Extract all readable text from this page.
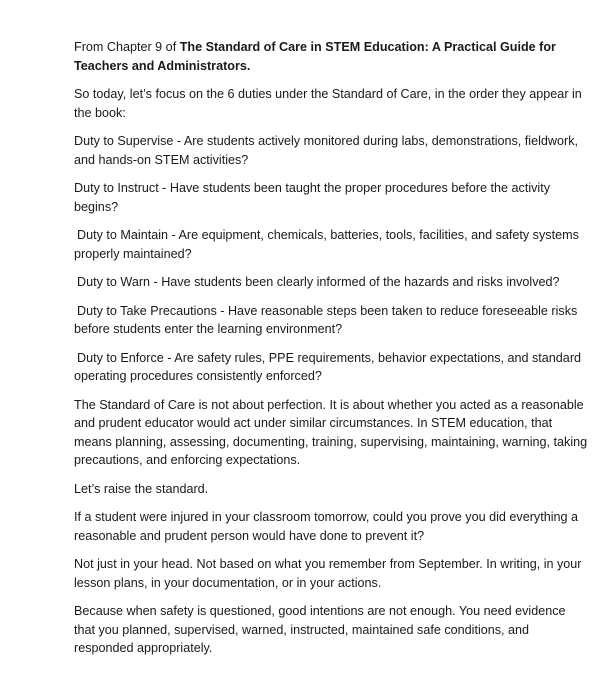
From Chapter 9 of The Standard of Care in STEM Education: A Practical Guide for Teachers and Administrators.

So today, let’s focus on the 6 duties under the Standard of Care, in the order they appear in the book:

Duty to Supervise - Are students actively monitored during labs, demonstrations, fieldwork, and hands-on STEM activities?

Duty to Instruct - Have students been taught the proper procedures before the activity begins?

Duty to Maintain - Are equipment, chemicals, batteries, tools, facilities, and safety systems properly maintained?

Duty to Warn - Have students been clearly informed of the hazards and risks involved?

Duty to Take Precautions - Have reasonable steps been taken to reduce foreseeable risks before students enter the learning environment?

Duty to Enforce - Are safety rules, PPE requirements, behavior expectations, and standard operating procedures consistently enforced?

The Standard of Care is not about perfection. It is about whether you acted as a reasonable and prudent educator would act under similar circumstances. In STEM education, that means planning, assessing, documenting, training, supervising, maintaining, warning, taking precautions, and enforcing expectations.

Let’s raise the standard.

If a student were injured in your classroom tomorrow, could you prove you did everything a reasonable and prudent person would have done to prevent it?

Not just in your head. Not based on what you remember from September. In writing, in your lesson plans, in your documentation, or in your actions.

Because when safety is questioned, good intentions are not enough. You need evidence that you planned, supervised, warned, instructed, maintained safe conditions, and responded appropriately.
